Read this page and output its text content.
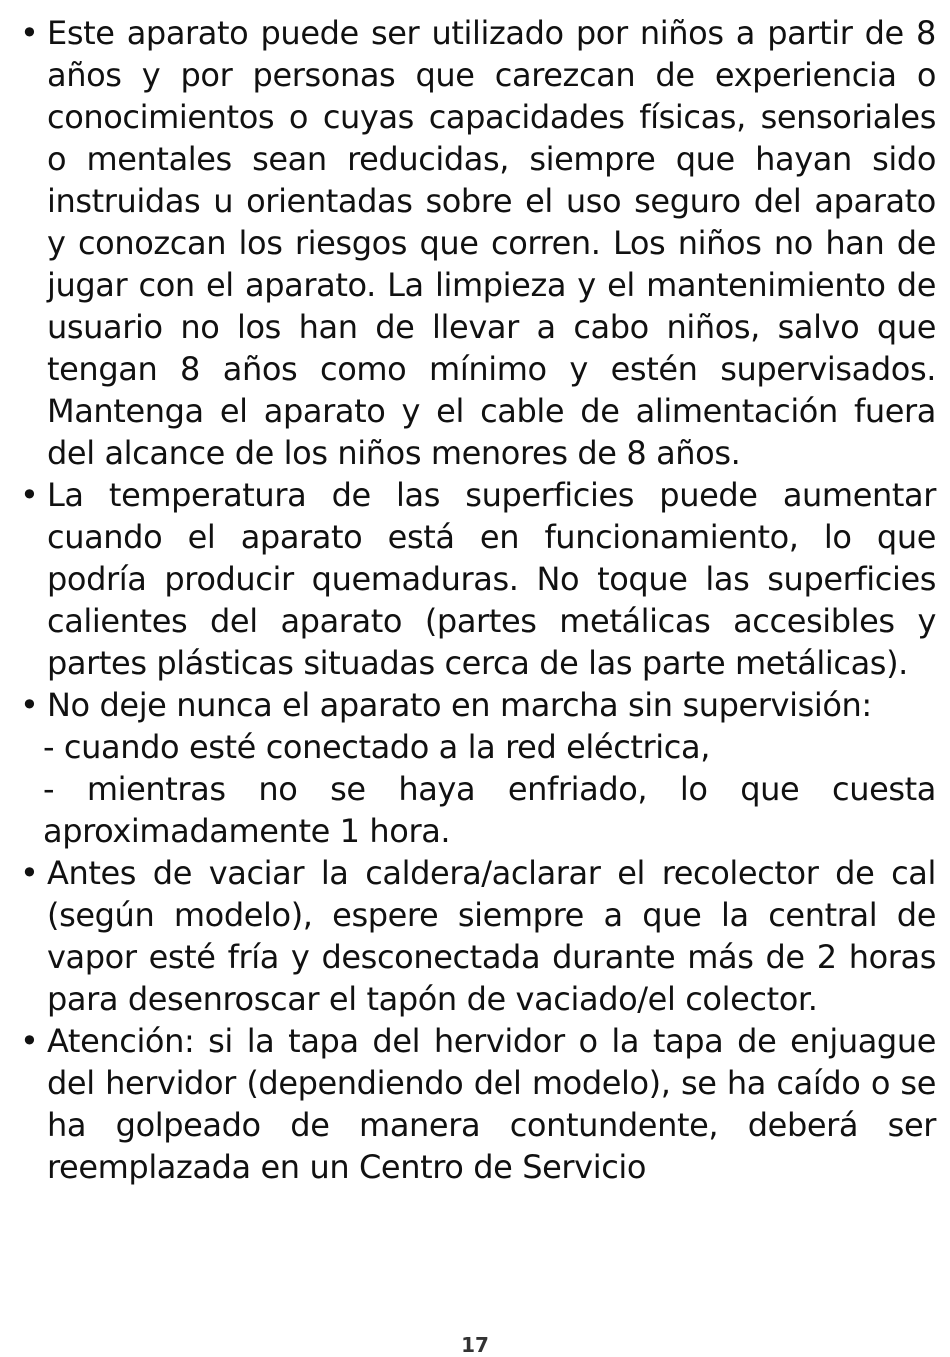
• Este aparato puede ser utilizado por niños a partir de 8 años y por personas que carezcan de experiencia o conocimientos o cuyas capacidades físicas, sensoriales o mentales sean reducidas, siempre que hayan sido instruidas u orientadas sobre el uso seguro del aparato y conozcan los riesgos que corren. Los niños no han de jugar con el aparato. La limpieza y el mantenimiento de usuario no los han de llevar a cabo niños, salvo que tengan 8 años como mínimo y estén supervisados. Mantenga el aparato y el cable de alimentación fuera del alcance de los niños menores de 8 años.

• La temperatura de las superficies puede aumentar cuando el aparato está en funcionamiento, lo que podría producir quemaduras. No toque las superficies calientes del aparato (partes metálicas accesibles y partes plásticas situadas cerca de las parte metálicas).

• No deje nunca el aparato en marcha sin supervisión:

- cuando esté conectado a la red eléctrica,

- mientras no se haya enfriado, lo que cuesta aproximadamente 1 hora.

• Antes de vaciar la caldera/aclarar el recolector de cal (según modelo), espere siempre a que la central de vapor esté fría y desconectada durante más de 2 horas para desenroscar el tapón de vaciado/el colector.

• Atención: si la tapa del hervidor o la tapa de enjuague del hervidor (dependiendo del modelo), se ha caído o se ha golpeado de manera contundente, deberá ser reemplazada en un Centro de Servicio

17
